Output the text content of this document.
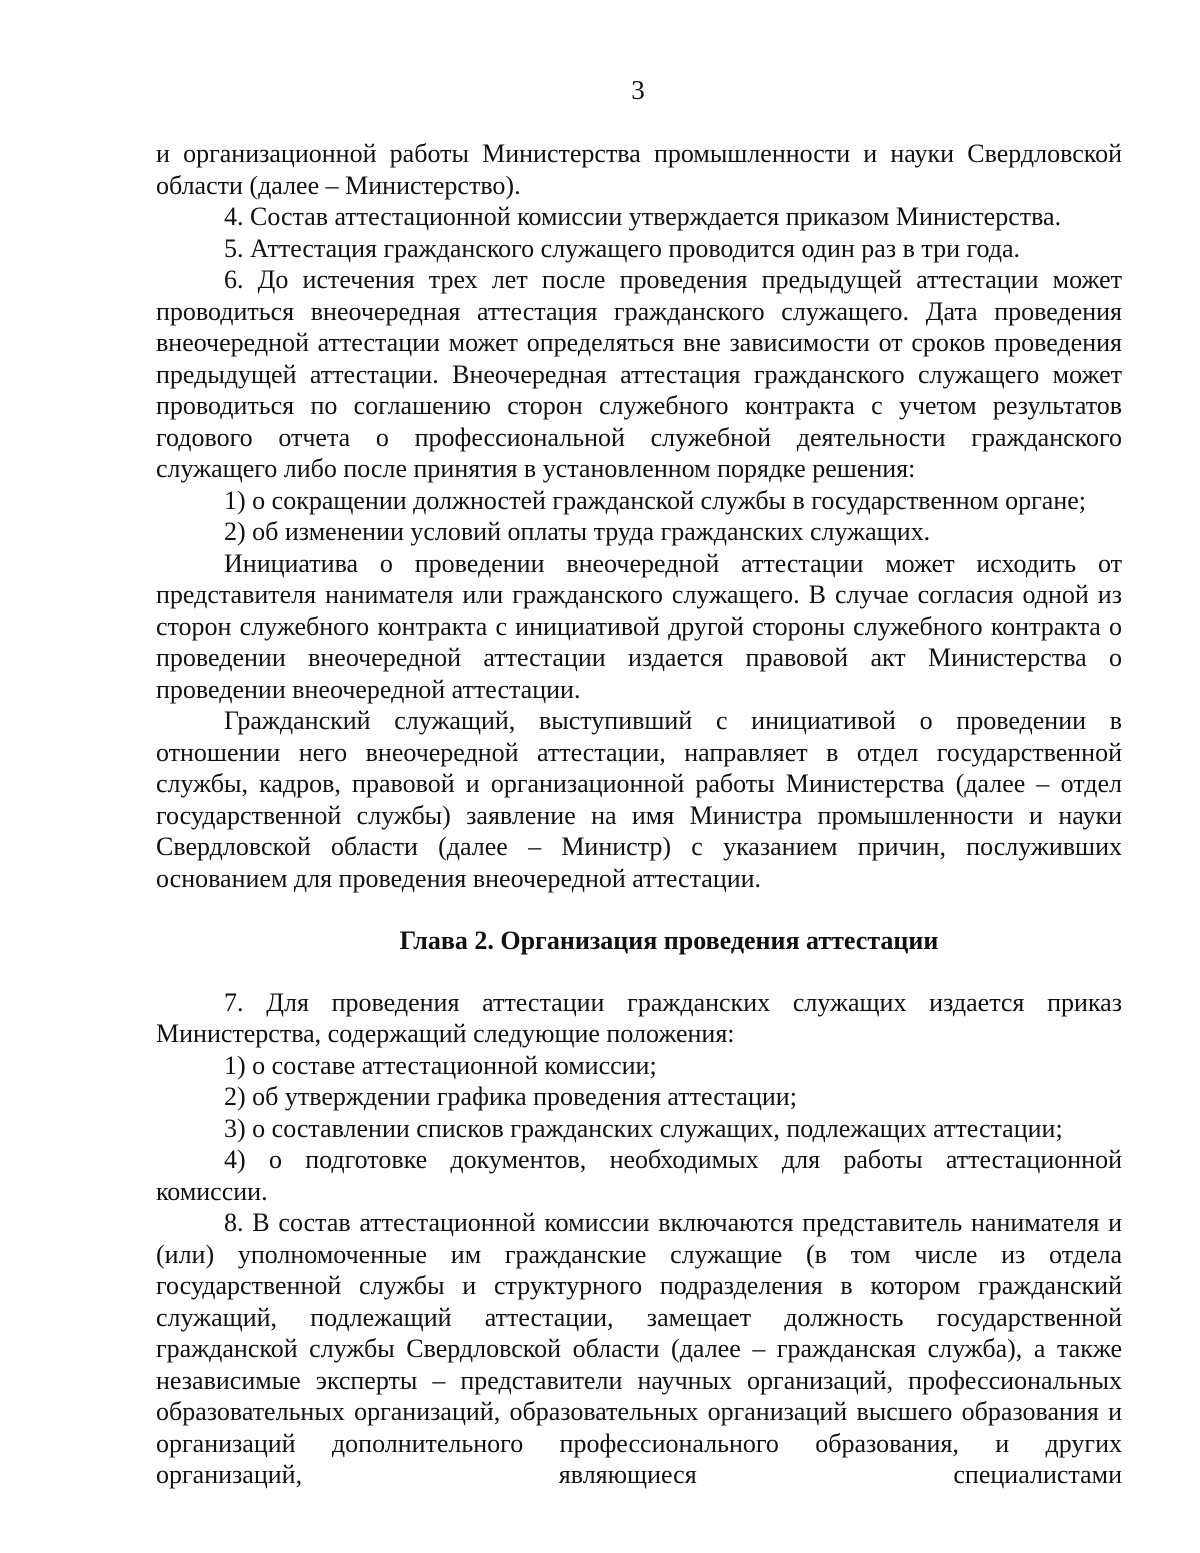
3

и организационной работы Министерства промышленности и науки Свердловской области (далее – Министерство).

4. Состав аттестационной комиссии утверждается приказом Министерства.

5. Аттестация гражданского служащего проводится один раз в три года.

6. До истечения трех лет после проведения предыдущей аттестации может проводиться внеочередная аттестация гражданского служащего. Дата проведения внеочередной аттестации может определяться вне зависимости от сроков проведения предыдущей аттестации. Внеочередная аттестация гражданского служащего может проводиться по соглашению сторон служебного контракта с учетом результатов годового отчета о профессиональной служебной деятельности гражданского служащего либо после принятия в установленном порядке решения:

1) о сокращении должностей гражданской службы в государственном органе;

2) об изменении условий оплаты труда гражданских служащих.

Инициатива о проведении внеочередной аттестации может исходить от представителя нанимателя или гражданского служащего. В случае согласия одной из сторон служебного контракта с инициативой другой стороны служебного контракта о проведении внеочередной аттестации издается правовой акт Министерства о проведении внеочередной аттестации.

Гражданский служащий, выступивший с инициативой о проведении в отношении него внеочередной аттестации, направляет в отдел государственной службы, кадров, правовой и организационной работы Министерства (далее – отдел государственной службы) заявление на имя Министра промышленности и науки Свердловской области (далее – Министр) с указанием причин, послуживших основанием для проведения внеочередной аттестации.

Глава 2. Организация проведения аттестации

7. Для проведения аттестации гражданских служащих издается приказ Министерства, содержащий следующие положения:

1) о составе аттестационной комиссии;

2) об утверждении графика проведения аттестации;

3) о составлении списков гражданских служащих, подлежащих аттестации;

4) о подготовке документов, необходимых для работы аттестационной комиссии.

8. В состав аттестационной комиссии включаются представитель нанимателя и (или) уполномоченные им гражданские служащие (в том числе из отдела государственной службы и структурного подразделения в котором гражданский служащий, подлежащий аттестации, замещает должность государственной гражданской службы Свердловской области (далее – гражданская служба), а также независимые эксперты – представители научных организаций, профессиональных образовательных организаций, образовательных организаций высшего образования и организаций дополнительного профессионального образования, и других организаций, являющиеся специалистами
